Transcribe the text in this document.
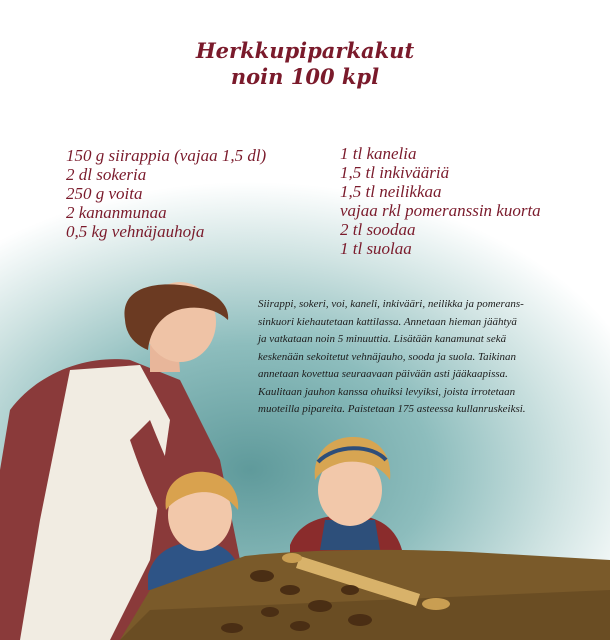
Herkkupiparkakut
noin 100 kpl
150 g siirappia (vajaa 1,5 dl)
2 dl sokeria
250 g voita
2 kananmunaa
0,5 kg vehnäjauhoja
1 tl kanelia
1,5 tl inkivääriä
1,5 tl neilikkaa
vajaa rkl pomeranssin kuorta
2 tl soodaa
1 tl suolaa

Siirappi, sokeri, voi, kaneli, inkivääri, neilikka ja pomerans-
sinkuori kiehautetaan kattilassa. Annetaan hieman jäähtyä
ja vatkataan noin 5 minuuttia. Lisätään kanamunat sekä
keskenään sekoitetut vehnäjauho, sooda ja suola. Taikinan
annetaan kovettua seuraavaan päivään asti jääkaapissa.
Kaulitaan jauhon kanssa ohuiksi levyiksi, joista irrotetaan
muoteilla pipareita. Paistetaan 175 asteessa kullanruskeiksi.
